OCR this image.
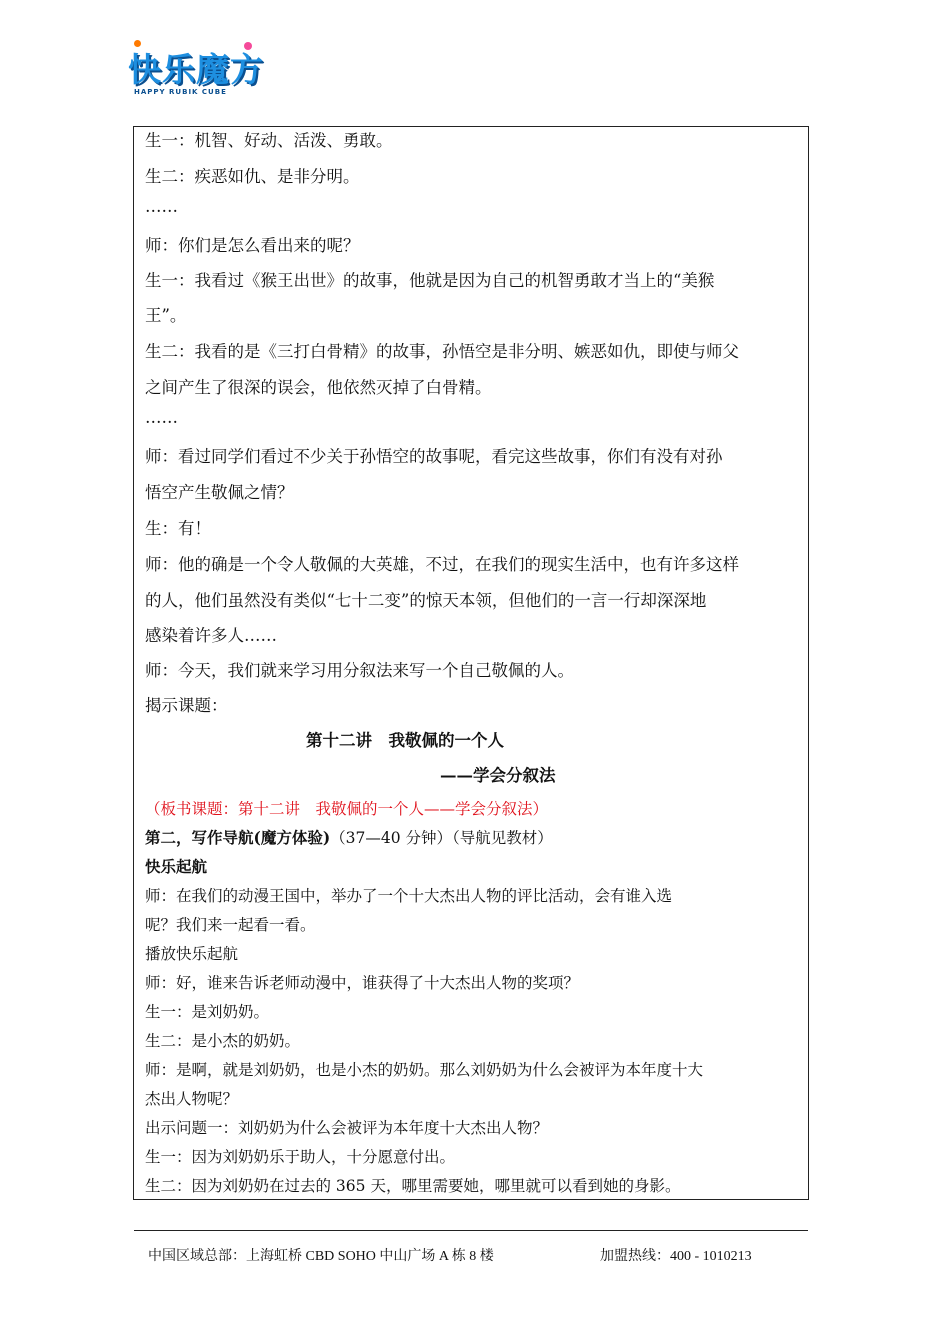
快乐魔方
HAPPY RUBIK CUBE
生一：机智、好动、活泼、勇敢。
生二：疾恶如仇、是非分明。
……
师：你们是怎么看出来的呢？
生一：我看过《猴王出世》的故事，他就是因为自己的机智勇敢才当上的“美猴
王”。
生二：我看的是《三打白骨精》的故事，孙悟空是非分明、嫉恶如仇，即使与师父
之间产生了很深的误会，他依然灭掉了白骨精。
……
师：看过同学们看过不少关于孙悟空的故事呢，看完这些故事，你们有没有对孙
悟空产生敬佩之情？
生：有！
师：他的确是一个令人敬佩的大英雄，不过，在我们的现实生活中，也有许多这样
的人，他们虽然没有类似“七十二变”的惊天本领，但他们的一言一行却深深地
感染着许多人……
师：今天，我们就来学习用分叙法来写一个自己敬佩的人。
揭示课题：
第十二讲　我敬佩的一个人
——学会分叙法
（板书课题：第十二讲　我敬佩的一个人——学会分叙法）
第二，写作导航(魔方体验)（37—40 分钟）（导航见教材）
快乐起航
师：在我们的动漫王国中，举办了一个十大杰出人物的评比活动，会有谁入选
呢？我们来一起看一看。
播放快乐起航
师：好，谁来告诉老师动漫中，谁获得了十大杰出人物的奖项？
生一：是刘奶奶。
生二：是小杰的奶奶。
师：是啊，就是刘奶奶，也是小杰的奶奶。那么刘奶奶为什么会被评为本年度十大
杰出人物呢？
出示问题一：刘奶奶为什么会被评为本年度十大杰出人物？
生一：因为刘奶奶乐于助人，十分愿意付出。
生二：因为刘奶奶在过去的 365 天，哪里需要她，哪里就可以看到她的身影。
中国区域总部：上海虹桥 CBD SOHO 中山广场 A 栋 8 楼	加盟热线：400 - 1010213
